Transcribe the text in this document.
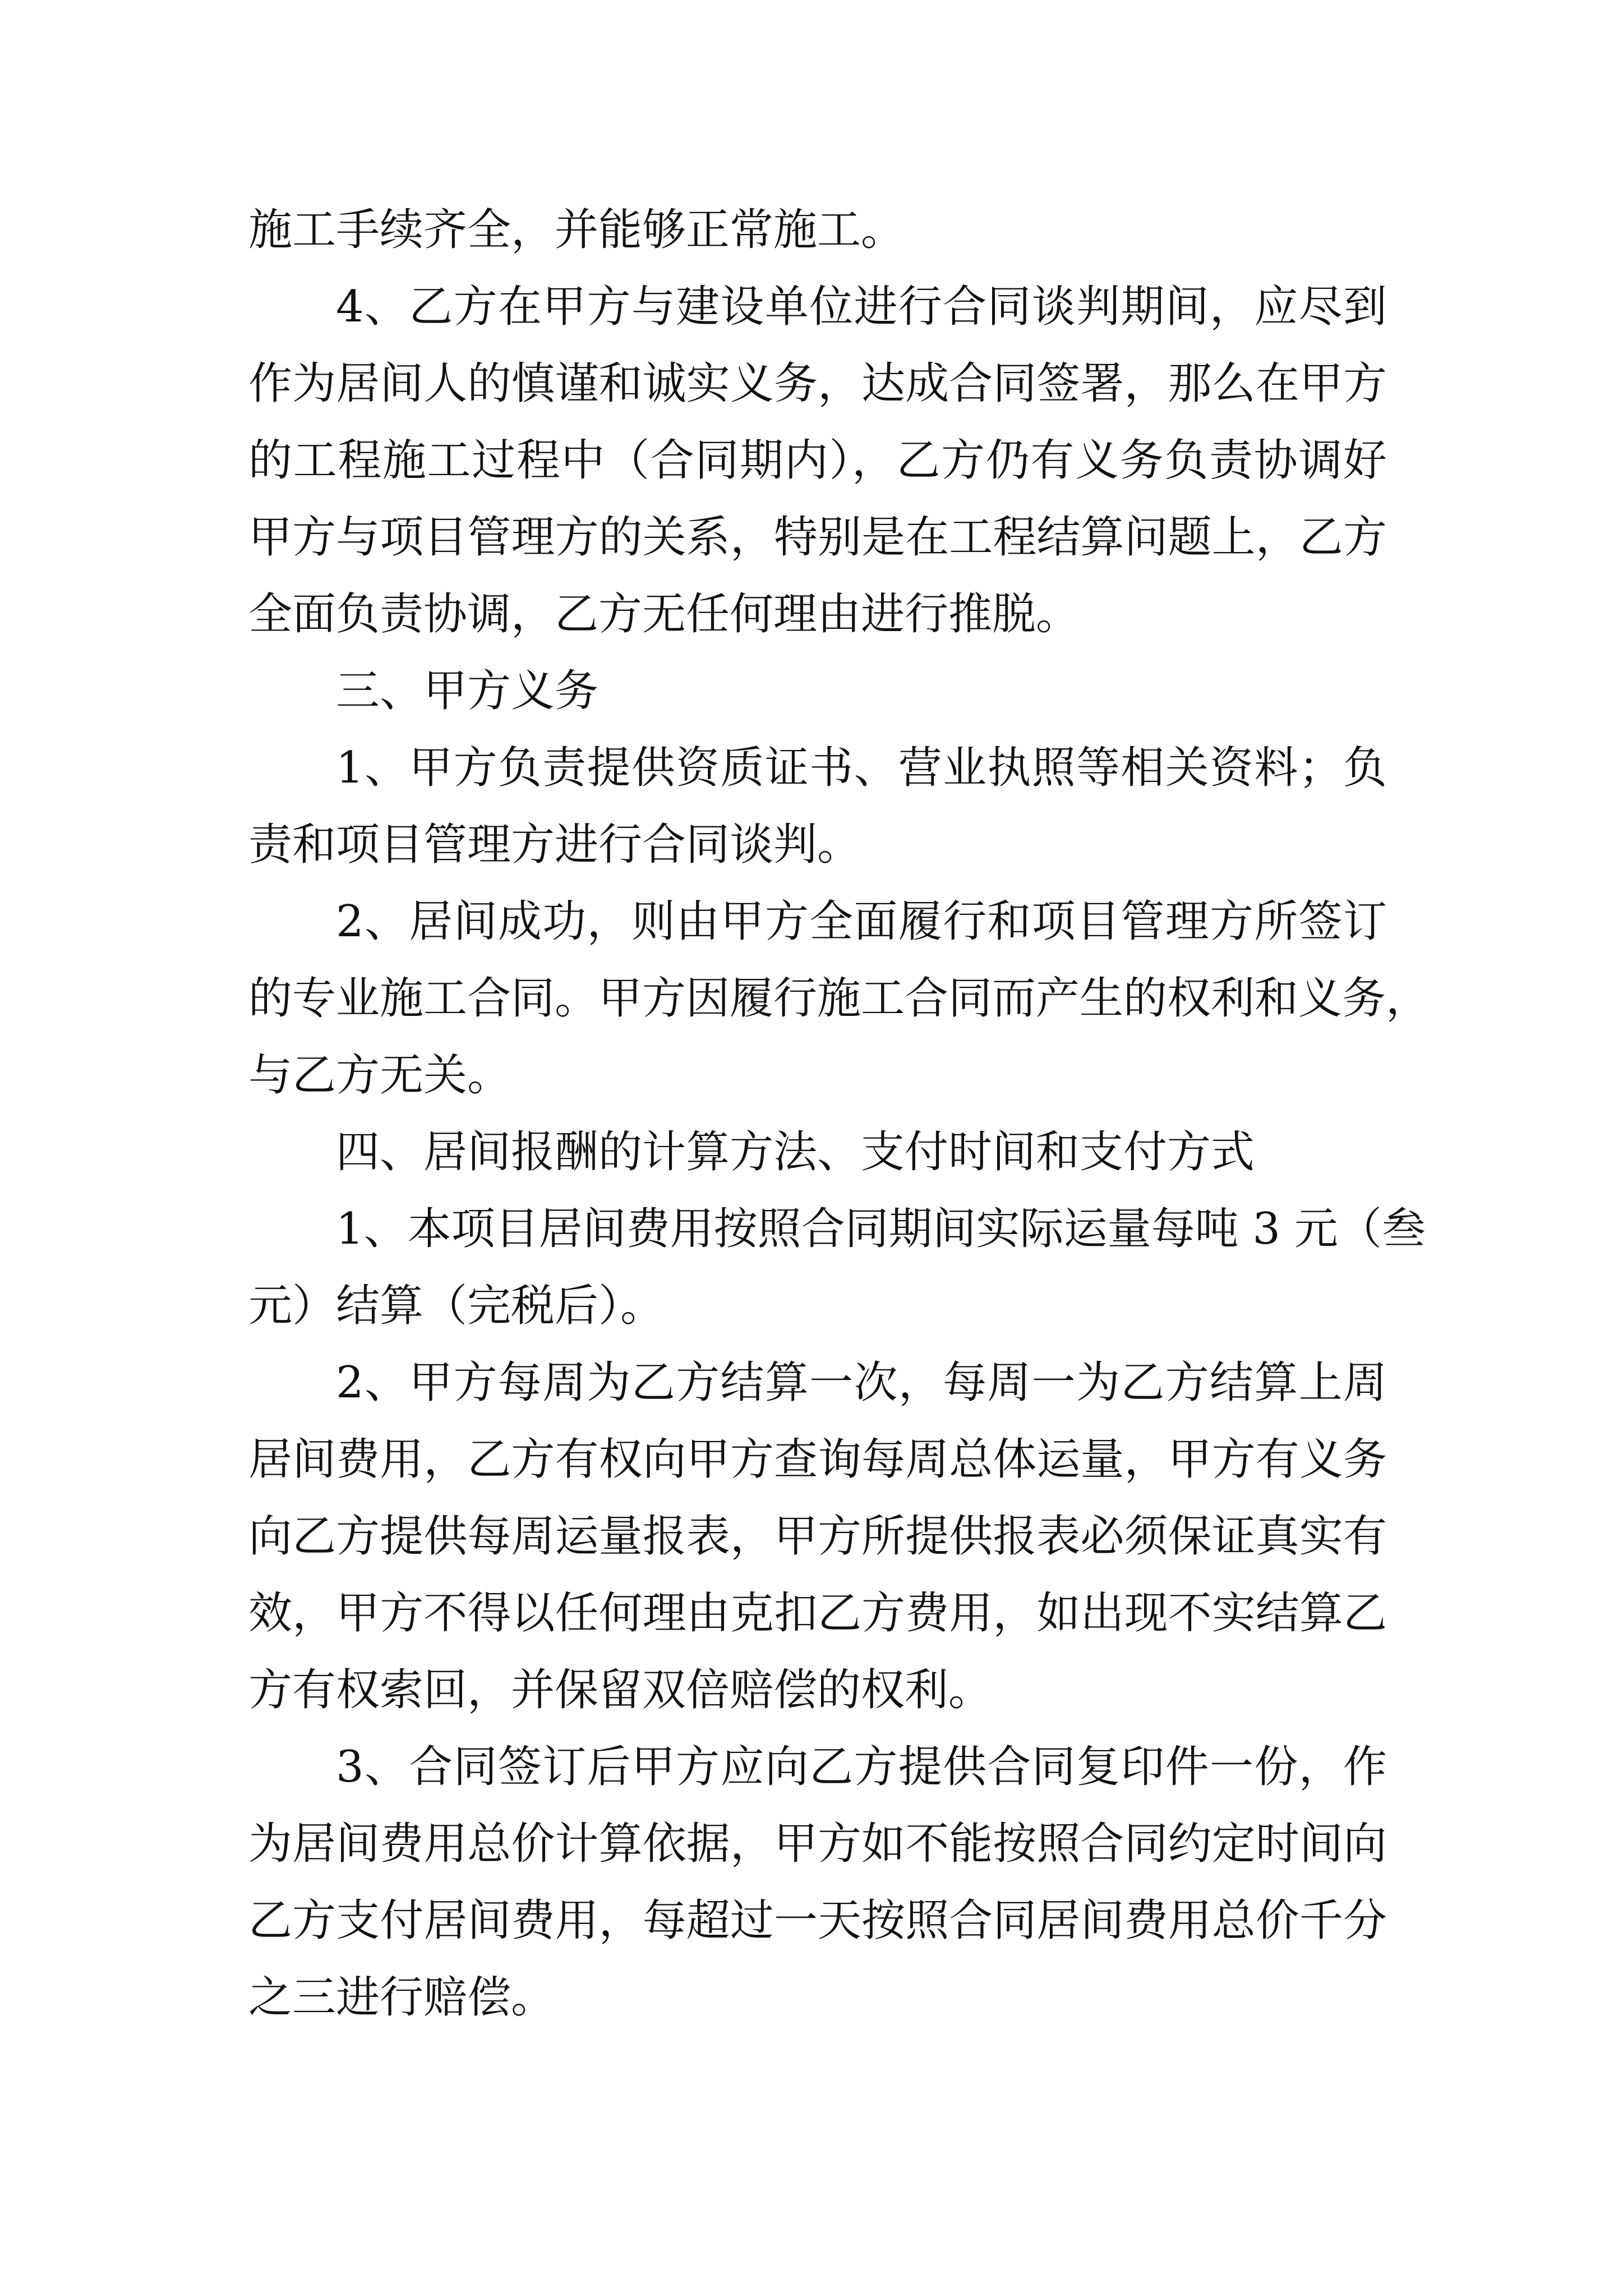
施工手续齐全，并能够正常施工。
4、乙方在甲方与建设单位进行合同谈判期间，应尽到
作为居间人的慎谨和诚实义务，达成合同签署，那么在甲方
的工程施工过程中（合同期内），乙方仍有义务负责协调好
甲方与项目管理方的关系，特别是在工程结算问题上，乙方
全面负责协调，乙方无任何理由进行推脱。
三、甲方义务
1、甲方负责提供资质证书、营业执照等相关资料；负
责和项目管理方进行合同谈判。
2、居间成功，则由甲方全面履行和项目管理方所签订
的专业施工合同。甲方因履行施工合同而产生的权利和义务，
与乙方无关。
四、居间报酬的计算方法、支付时间和支付方式
1、本项目居间费用按照合同期间实际运量每吨 3 元（叁
元）结算（完税后）。
2、甲方每周为乙方结算一次，每周一为乙方结算上周
居间费用，乙方有权向甲方查询每周总体运量，甲方有义务
向乙方提供每周运量报表，甲方所提供报表必须保证真实有
效，甲方不得以任何理由克扣乙方费用，如出现不实结算乙
方有权索回，并保留双倍赔偿的权利。
3、合同签订后甲方应向乙方提供合同复印件一份，作
为居间费用总价计算依据，甲方如不能按照合同约定时间向
乙方支付居间费用，每超过一天按照合同居间费用总价千分
之三进行赔偿。
